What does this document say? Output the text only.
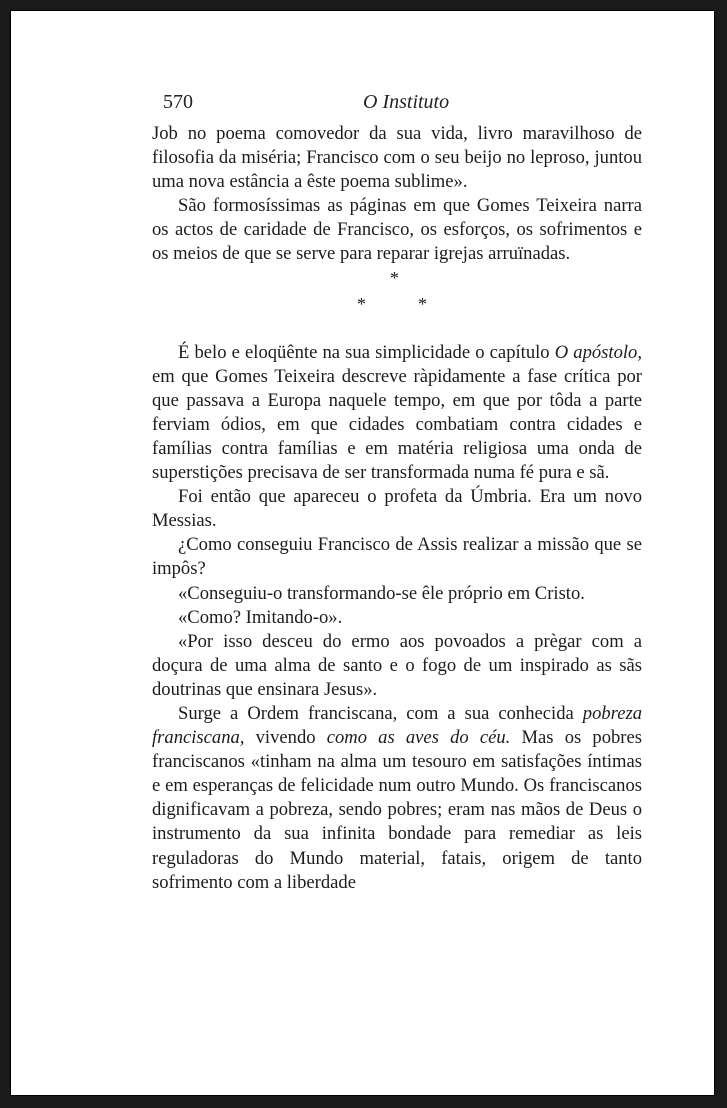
570	O Instituto

Job no poema comovedor da sua vida, livro maravilhoso de filosofia da miséria; Francisco com o seu beijo no leproso, juntou uma nova estância a êste poema sublime».

São formosíssimas as páginas em que Gomes Teixeira narra os actos de caridade de Francisco, os esforços, os sofrimentos e os meios de que se serve para reparar igrejas arruïnadas.

*
*	*

É belo e eloqüênte na sua simplicidade o capítulo O apóstolo, em que Gomes Teixeira descreve ràpidamente a fase crítica por que passava a Europa naquele tempo, em que por tôda a parte ferviam ódios, em que cidades combatiam contra cidades e famílias contra famílias e em matéria religiosa uma onda de superstições precisava de ser transformada numa fé pura e sã.

Foi então que apareceu o profeta da Úmbria. Era um novo Messias.

¿Como conseguiu Francisco de Assis realizar a missão que se impôs?

«Conseguiu-o transformando-se êle próprio em Cristo.

«Como? Imitando-o».

«Por isso desceu do ermo aos povoados a prègar com a doçura de uma alma de santo e o fogo de um inspirado as sãs doutrinas que ensinara Jesus».

Surge a Ordem franciscana, com a sua conhecida pobreza franciscana, vivendo como as aves do céu. Mas os pobres franciscanos «tinham na alma um tesouro em satisfações íntimas e em esperanças de felicidade num outro Mundo. Os franciscanos dignificavam a pobreza, sendo pobres; eram nas mãos de Deus o instrumento da sua infinita bondade para remediar as leis reguladoras do Mundo material, fatais, origem de tanto sofrimento com a liberdade
